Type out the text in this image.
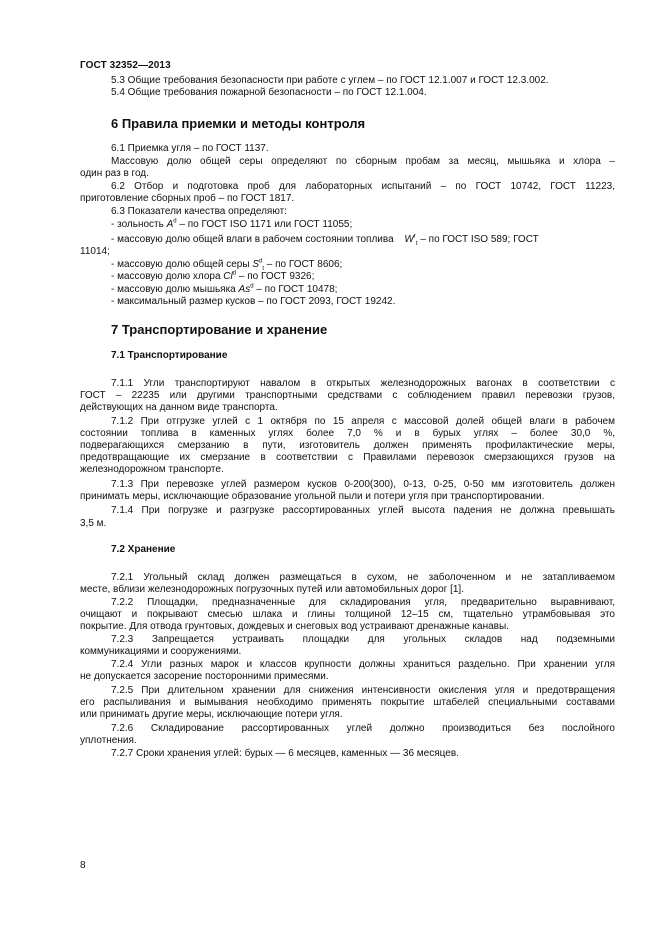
ГОСТ 32352—2013
5.3 Общие требования безопасности при работе с углем – по ГОСТ 12.1.007 и ГОСТ 12.3.002.
5.4 Общие требования пожарной безопасности – по ГОСТ 12.1.004.
6 Правила приемки и методы контроля
6.1 Приемка угля – по ГОСТ 1137.
Массовую долю общей серы определяют по сборным пробам за месяц, мышьяка и хлора –
один раз в год.
6.2 Отбор и подготовка проб для лабораторных испытаний – по ГОСТ 10742, ГОСТ 11223,
приготовление сборных проб – по ГОСТ 1817.
6.3 Показатели качества определяют:
- зольность $A^d$ – по ГОСТ ISO 1171 или ГОСТ 11055;
- массовую долю общей влаги в рабочем состоянии топлива $W^r_t$ – по ГОСТ ISO 589; ГОСТ
11014;
- массовую долю общей серы $S^d_t$ – по ГОСТ 8606;
- массовую долю хлора Cl$^d$ – по ГОСТ 9326;
- массовую долю мышьяка As$^d$ – по ГОСТ 10478;
- максимальный размер кусков – по ГОСТ 2093, ГОСТ 19242.
7 Транспортирование и хранение
7.1 Транспортирование
7.1.1 Угли транспортируют навалом в открытых железнодорожных вагонах в соответствии с
ГОСТ – 22235 или другими транспортными средствами с соблюдением правил перевозки грузов,
действующих на данном виде транспорта.
7.1.2 При отгрузке углей с 1 октября по 15 апреля с массовой долей общей влаги в рабочем
состоянии топлива в каменных углях более 7,0 % и в бурых углях – более 30,0 %,
подверагающихся смерзанию в пути, изготовитель должен применять профилактические меры,
предотвращающие их смерзание в соответствии с Правилами перевозок смерзающихся грузов на
железнодорожном транспорте.
7.1.3 При перевозке углей размером кусков 0-200(300), 0-13, 0-25, 0-50 мм изготовитель должен
принимать меры, исключающие образование угольной пыли и потери угля при транспортировании.
7.1.4 При погрузке и разгрузке рассортированных углей высота падения не должна превышать
3,5 м.
7.2 Хранение
7.2.1 Угольный склад должен размещаться в сухом, не заболоченном и не затапливаемом
месте, вблизи железнодорожных погрузочных путей или автомобильных дорог [1].
7.2.2 Площадки, предназначенные для складирования угля, предварительно выравнивают,
очищают и покрывают смесью шлака и глины толщиной 12–15 см, тщательно утрамбовывая это
покрытие. Для отвода грунтовых, дождевых и снеговых вод устраивают дренажные канавы.
7.2.3 Запрещается устраивать площадки для угольных складов над подземными
коммуникациями и сооружениями.
7.2.4 Угли разных марок и классов крупности должны храниться раздельно. При хранении угля
не допускается засорение посторонними примесями.
7.2.5 При длительном хранении для снижения интенсивности окисления угля и предотвращения
его распыливания и вымывания необходимо применять покрытие штабелей специальными составами
или принимать другие меры, исключающие потери угля.
7.2.6 Складирование рассортированных углей должно производиться без послойного
уплотнения.
7.2.7 Сроки хранения углей: бурых — 6 месяцев, каменных — 36 месяцев.
8
